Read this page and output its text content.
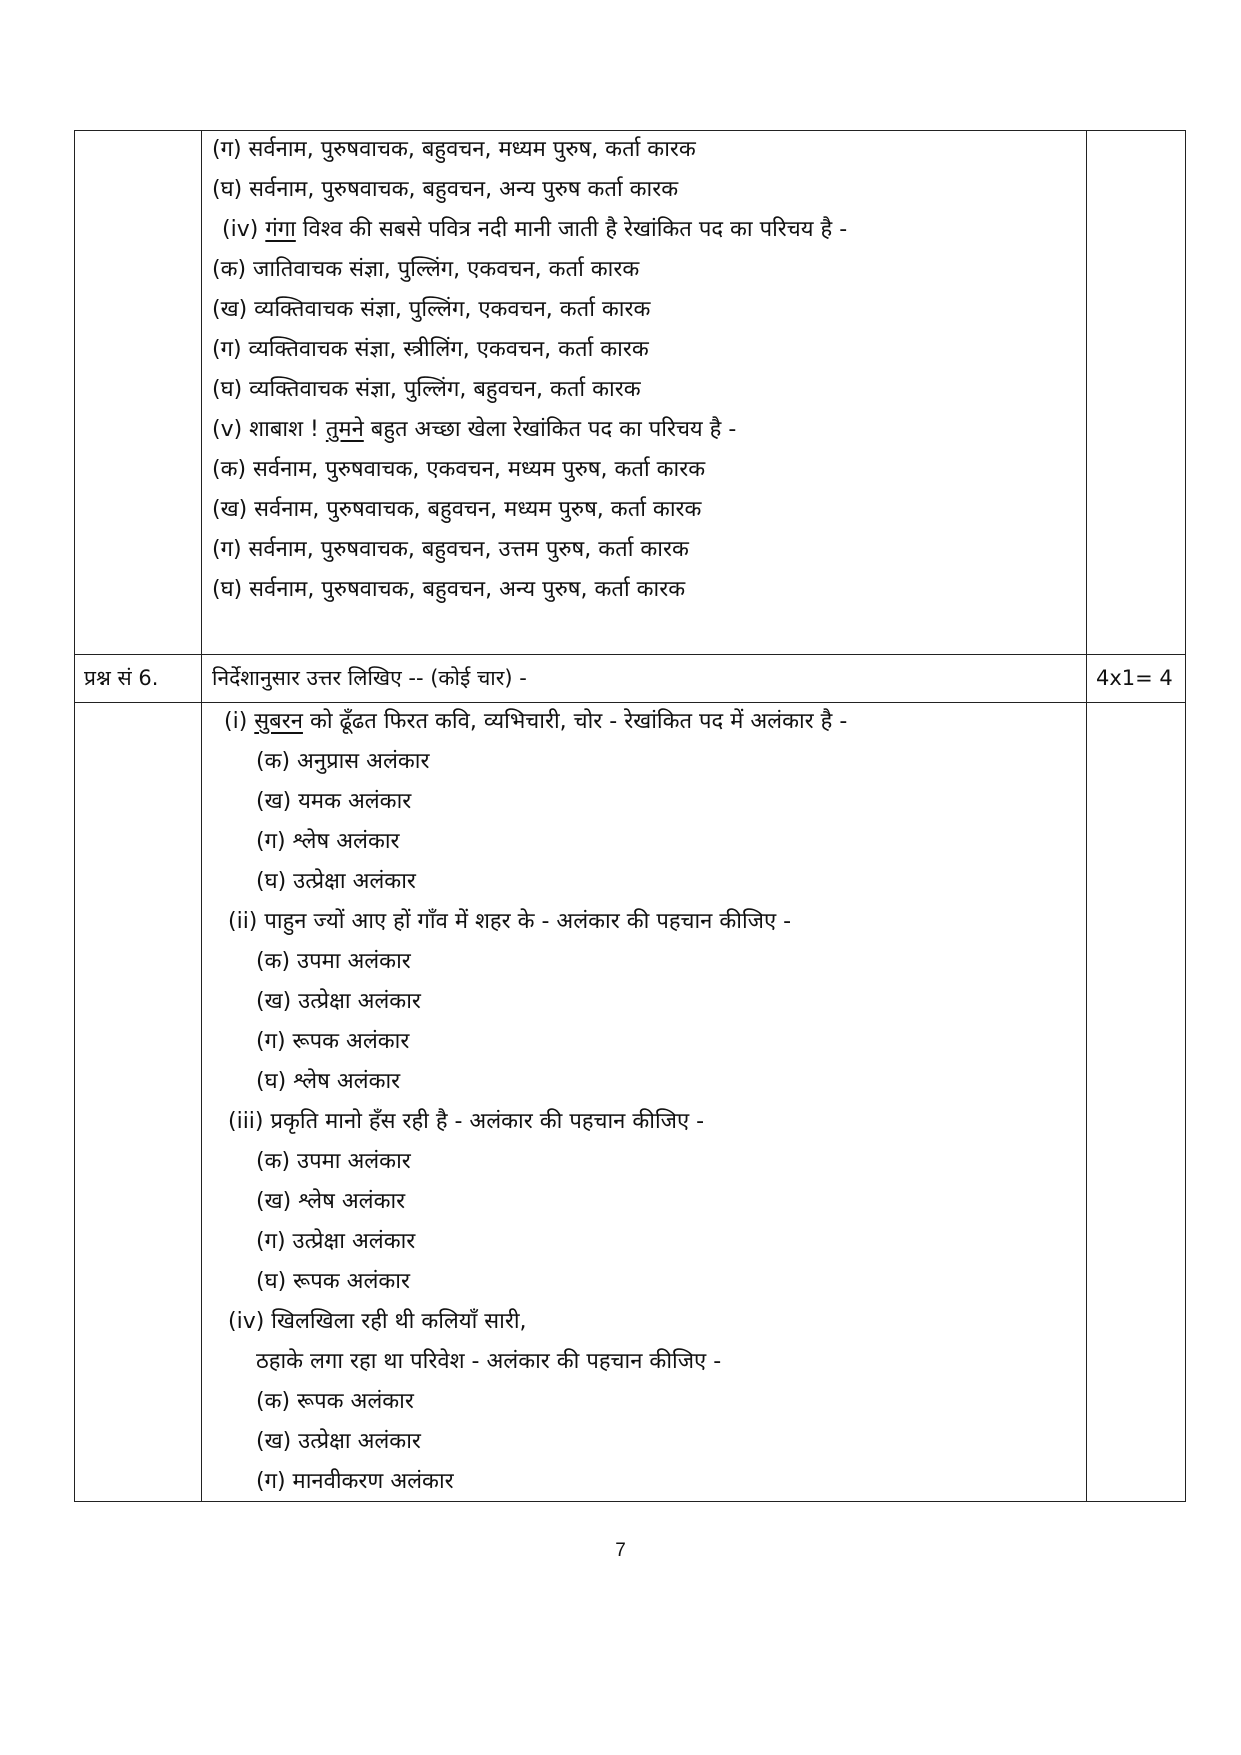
(ग) सर्वनाम, पुरुषवाचक, बहुवचन, मध्यम पुरुष, कर्ता कारक
(घ) सर्वनाम, पुरुषवाचक, बहुवचन, अन्य पुरुष कर्ता कारक
(iv) गंगा विश्व की सबसे पवित्र नदी मानी जाती है रेखांकित पद का परिचय है -
(क) जातिवाचक संज्ञा, पुल्लिंग, एकवचन, कर्ता कारक
(ख) व्यक्तिवाचक संज्ञा, पुल्लिंग, एकवचन, कर्ता कारक
(ग) व्यक्तिवाचक संज्ञा, स्त्रीलिंग, एकवचन, कर्ता कारक
(घ) व्यक्तिवाचक संज्ञा, पुल्लिंग, बहुवचन, कर्ता कारक
(v) शाबाश ! तुमने बहुत अच्छा खेला रेखांकित पद का परिचय है -
(क) सर्वनाम, पुरुषवाचक, एकवचन, मध्यम पुरुष, कर्ता कारक
(ख) सर्वनाम, पुरुषवाचक, बहुवचन, मध्यम पुरुष, कर्ता कारक
(ग) सर्वनाम, पुरुषवाचक, बहुवचन, उत्तम पुरुष, कर्ता कारक
(घ) सर्वनाम, पुरुषवाचक, बहुवचन, अन्य पुरुष, कर्ता कारक
प्रश्न सं 6.	निर्देशानुसार उत्तर लिखिए -- (कोई चार) -	4x1= 4
(i) सुबरन को ढूँढत फिरत कवि, व्यभिचारी, चोर - रेखांकित पद में अलंकार है -
(क) अनुप्रास अलंकार
(ख) यमक अलंकार
(ग) श्लेष अलंकार
(घ) उत्प्रेक्षा अलंकार
(ii) पाहुन ज्यों आए हों गाँव में शहर के - अलंकार की पहचान कीजिए -
(क) उपमा अलंकार
(ख) उत्प्रेक्षा अलंकार
(ग) रूपक अलंकार
(घ) श्लेष अलंकार
(iii) प्रकृति मानो हँस रही है - अलंकार की पहचान कीजिए -
(क) उपमा अलंकार
(ख) श्लेष अलंकार
(ग) उत्प्रेक्षा अलंकार
(घ) रूपक अलंकार
(iv) खिलखिला रही थी कलियाँ सारी,
ठहाके लगा रहा था परिवेश - अलंकार की पहचान कीजिए -
(क) रूपक अलंकार
(ख) उत्प्रेक्षा अलंकार
(ग) मानवीकरण अलंकार
7
